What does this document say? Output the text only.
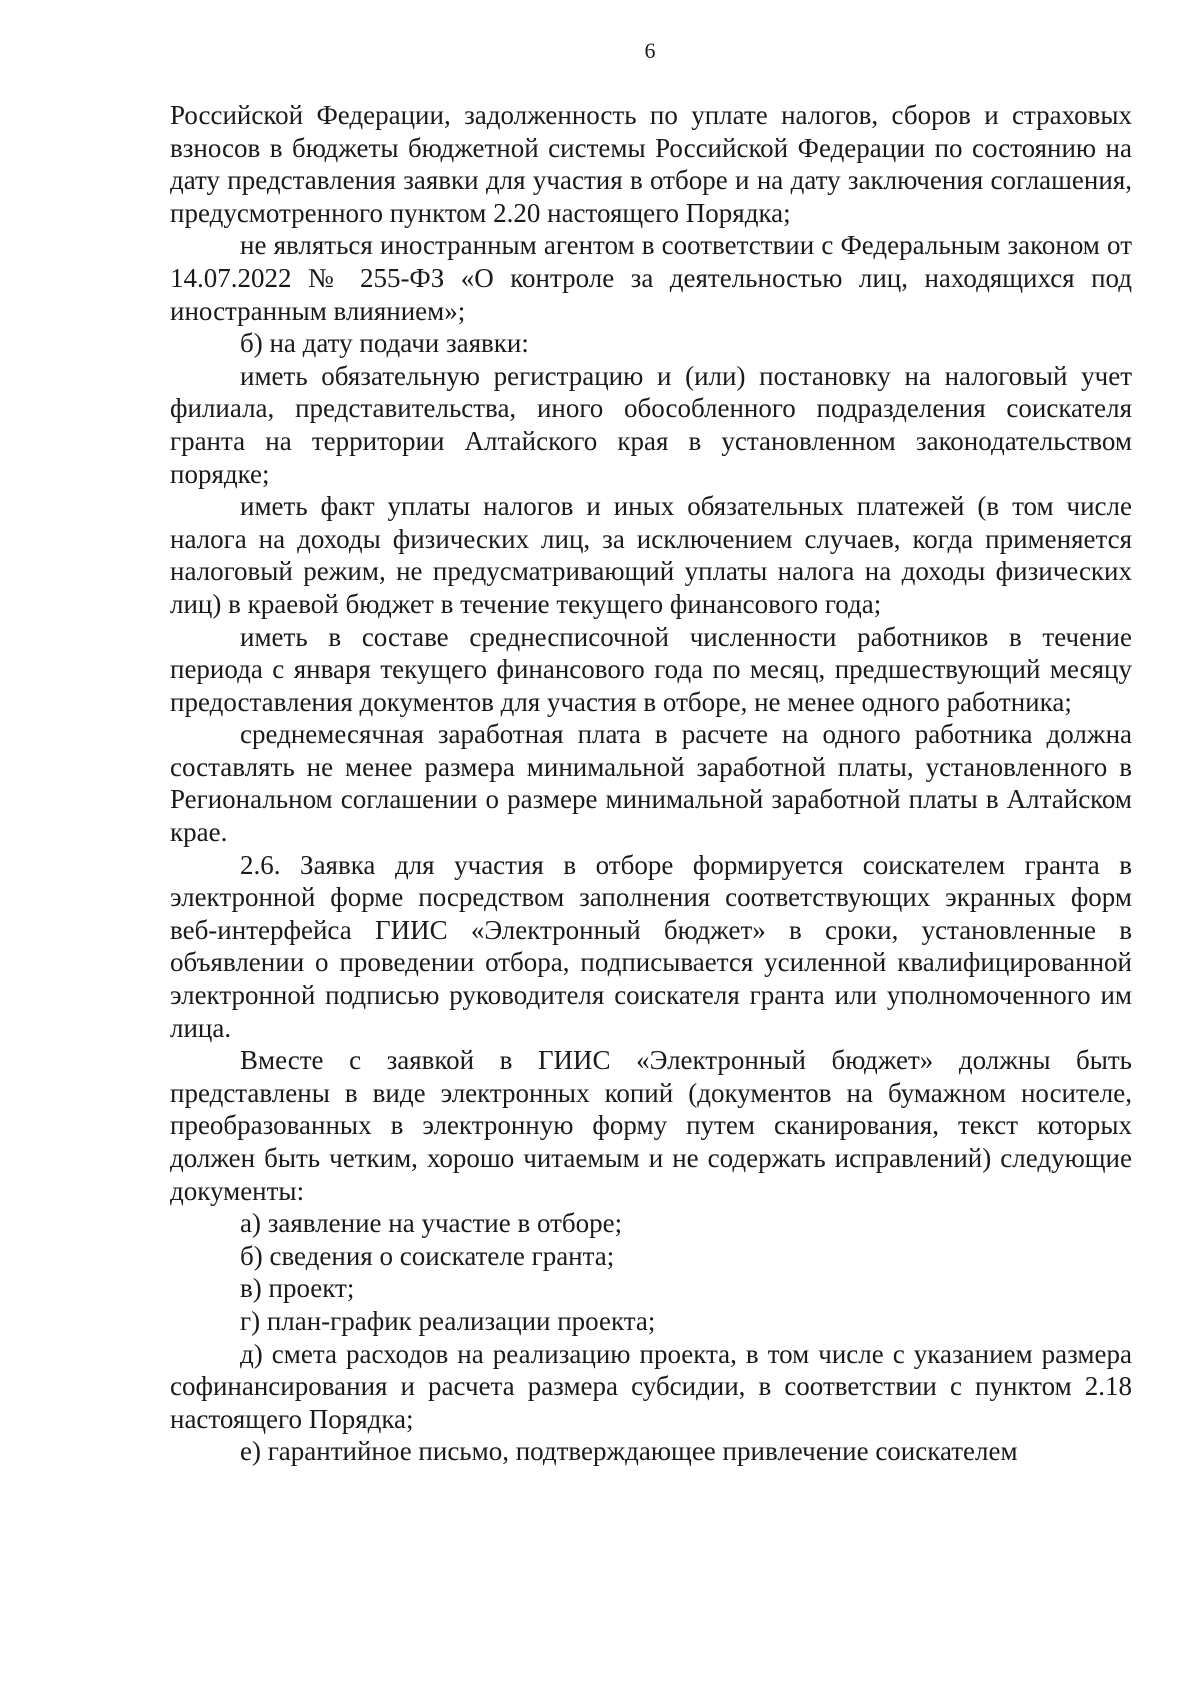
6

Российской Федерации, задолженность по уплате налогов, сборов и страховых взносов в бюджеты бюджетной системы Российской Федерации по состоянию на дату представления заявки для участия в отборе и на дату заключения соглашения, предусмотренного пунктом 2.20 настоящего Порядка;

не являться иностранным агентом в соответствии с Федеральным законом от 14.07.2022 № 255-ФЗ «О контроле за деятельностью лиц, находящихся под иностранным влиянием»;

б) на дату подачи заявки:

иметь обязательную регистрацию и (или) постановку на налоговый учет филиала, представительства, иного обособленного подразделения соискателя гранта на территории Алтайского края в установленном законодательством порядке;

иметь факт уплаты налогов и иных обязательных платежей (в том числе налога на доходы физических лиц, за исключением случаев, когда применяется налоговый режим, не предусматривающий уплаты налога на доходы физических лиц) в краевой бюджет в течение текущего финансового года;

иметь в составе среднесписочной численности работников в течение периода с января текущего финансового года по месяц, предшествующий месяцу предоставления документов для участия в отборе, не менее одного работника;

среднемесячная заработная плата в расчете на одного работника должна составлять не менее размера минимальной заработной платы, установленного в Региональном соглашении о размере минимальной заработной платы в Алтайском крае.

2.6. Заявка для участия в отборе формируется соискателем гранта в электронной форме посредством заполнения соответствующих экранных форм веб-интерфейса ГИИС «Электронный бюджет» в сроки, установленные в объявлении о проведении отбора, подписывается усиленной квалифицированной электронной подписью руководителя соискателя гранта или уполномоченного им лица.

Вместе с заявкой в ГИИС «Электронный бюджет» должны быть представлены в виде электронных копий (документов на бумажном носителе, преобразованных в электронную форму путем сканирования, текст которых должен быть четким, хорошо читаемым и не содержать исправлений) следующие документы:

а) заявление на участие в отборе;

б) сведения о соискателе гранта;

в) проект;

г) план-график реализации проекта;

д) смета расходов на реализацию проекта, в том числе с указанием размера софинансирования и расчета размера субсидии, в соответствии с пунктом 2.18 настоящего Порядка;

е) гарантийное письмо, подтверждающее привлечение соискателем
